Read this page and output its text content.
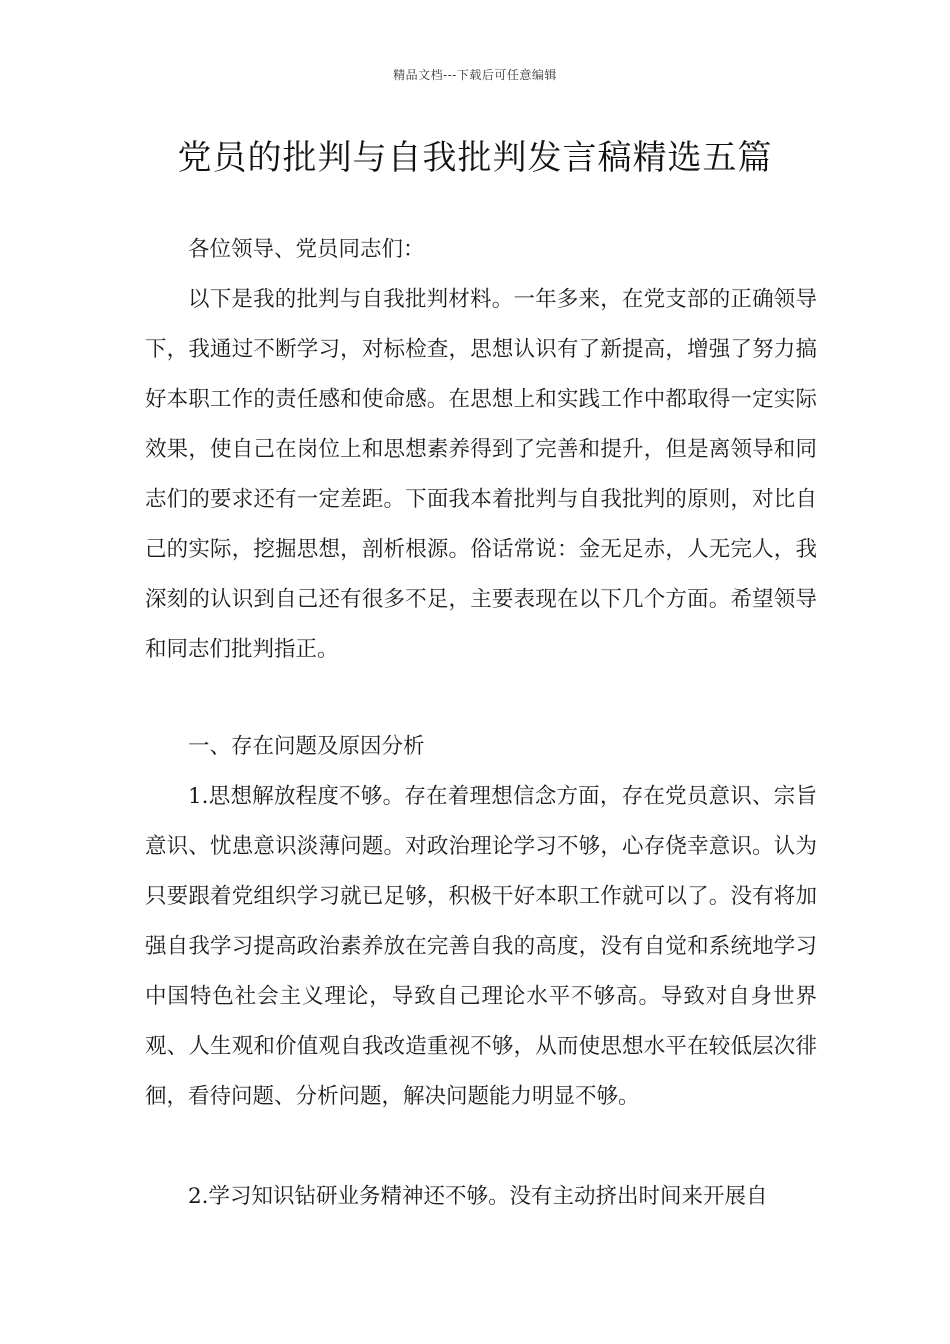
精品文档---下载后可任意编辑
党员的批判与自我批判发言稿精选五篇

各位领导、党员同志们：

以下是我的批判与自我批判材料。一年多来，在党支部的正确领导下，我通过不断学习，对标检查，思想认识有了新提高，增强了努力搞好本职工作的责任感和使命感。在思想上和实践工作中都取得一定实际效果，使自己在岗位上和思想素养得到了完善和提升，但是离领导和同志们的要求还有一定差距。下面我本着批判与自我批判的原则，对比自己的实际，挖掘思想，剖析根源。俗话常说：金无足赤，人无完人，我深刻的认识到自己还有很多不足，主要表现在以下几个方面。希望领导和同志们批判指正。

一、存在问题及原因分析

1.思想解放程度不够。存在着理想信念方面，存在党员意识、宗旨意识、忧患意识淡薄问题。对政治理论学习不够，心存侥幸意识。认为只要跟着党组织学习就已足够，积极干好本职工作就可以了。没有将加强自我学习提高政治素养放在完善自我的高度，没有自觉和系统地学习中国特色社会主义理论，导致自己理论水平不够高。导致对自身世界观、人生观和价值观自我改造重视不够，从而使思想水平在较低层次徘徊，看待问题、分析问题，解决问题能力明显不够。

2.学习知识钻研业务精神还不够。没有主动挤出时间来开展自
